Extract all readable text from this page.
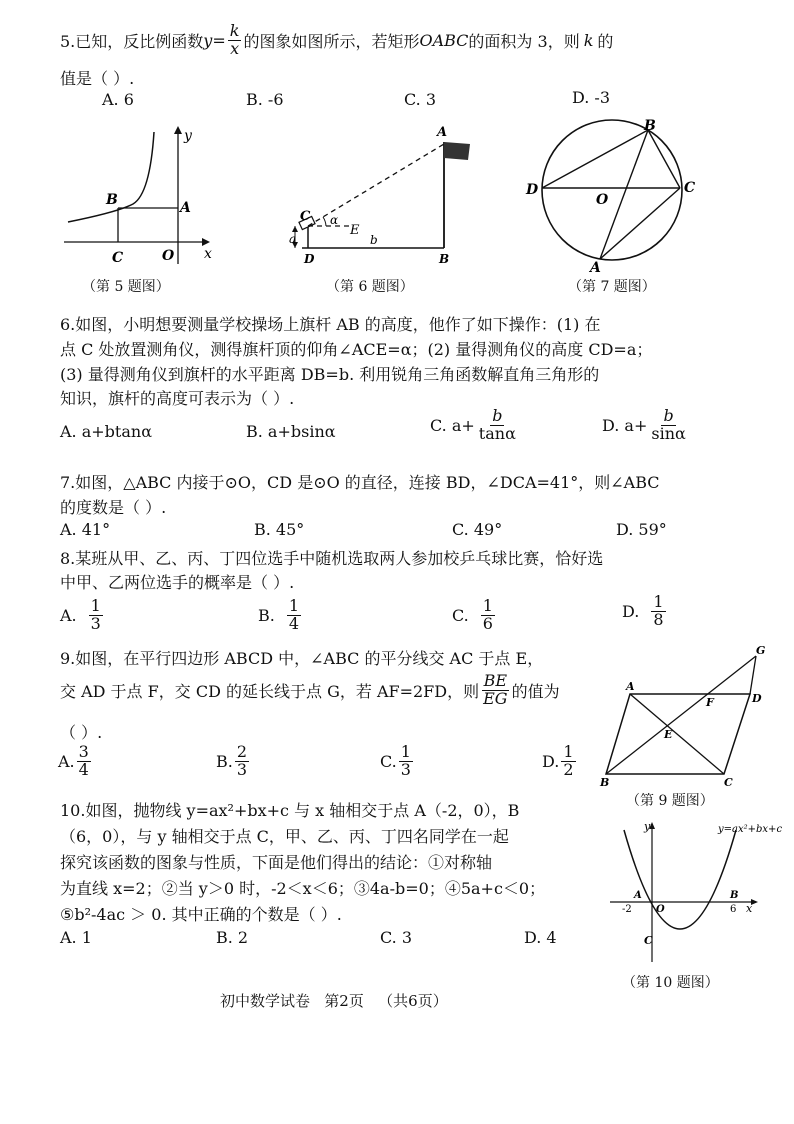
5.已知，反比例函数 $y = \frac{k}{x}$ 的图象如图所示，若矩形 OABC 的面积为 3，则 k 的
值是（ ）.
A. 6	B. -6	C. 3	D. -3
y
x
B	A
C	O
（第 5 题图）
A
C α
E
a	b
D	B
（第 6 题图）
B
D
O
C
A
（第 7 题图）
6.如图，小明想要测量学校操场上旗杆 AB 的高度，他作了如下操作：(1) 在
点 C 处放置测角仪，测得旗杆顶的仰角∠ACE=α；(2) 量得测角仪的高度 CD=a；
(3) 量得测角仪到旗杆的水平距离 DB=b. 利用锐角三角函数解直角三角形的
知识，旗杆的高度可表示为（ ）.
A. a+btanα	B. a+bsinα	C. $a+ \frac{b}{\tan\alpha}$	D. $a+ \frac{b}{\sin\alpha}$
7.如图，△ABC 内接于⊙O，CD 是⊙O 的直径，连接 BD，∠DCA=41°，则∠ABC
的度数是（ ）.
A. 41°	B. 45°	C. 49°	D. 59°
8.某班从甲、乙、丙、丁四位选手中随机选取两人参加校乒乓球比赛，恰好选
中甲、乙两位选手的概率是（ ）.
A. $\frac{1}{3}$	B. $\frac{1}{4}$	C. $\frac{1}{6}$	D. $\frac{1}{8}$
9.如图，在平行四边形 ABCD 中，∠ABC 的平分线交 AC 于点 E，
交 AD 于点 F，交 CD 的延长线于点 G，若 AF=2FD，则 $\frac{BE}{EG}$ 的值为
（ ）.
A. $\frac{3}{4}$	B. $\frac{2}{3}$	C. $\frac{1}{3}$	D. $\frac{1}{2}$
G
A
D
F
E
B	C
（第 9 题图）
10.如图，抛物线 y=ax²+bx+c 与 x 轴相交于点 A（-2，0），B
（6，0），与 y 轴相交于点 C，甲、乙、丙、丁四名同学在一起
探究该函数的图象与性质，下面是他们得出的结论：①对称轴
为直线 x=2；②当 y＞0 时，-2＜x＜6；③4a-b=0；④5a+c＜0；
⑤b²-4ac ＞ 0. 其中正确的个数是（ ）.
A. 1	B. 2	C. 3	D. 4
y	y=ax²+bx+c
A
-2 O
B
6 x
C
（第 10 题图）
初中数学试卷   第2页   （共6页）
